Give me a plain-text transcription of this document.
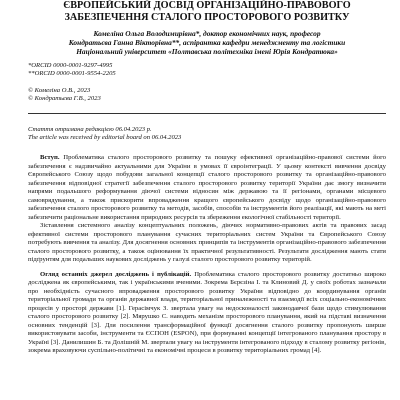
ЄВРОПЕЙСЬКИЙ ДОСВІД ОРГАНІЗАЦІЙНО-ПРАВОВОГО
ЗАБЕЗПЕЧЕННЯ СТАЛОГО ПРОСТОРОВОГО РОЗВИТКУ
Комеліна Ольга Володимирівна*, доктор економічних наук, професор
Кондратьєва Ганна Вікторівна**, аспірантка кафедри менеджменту та логістики
Національний університет «Полтавська політехніка імені Юрія Кондратюка»
*ORCID 0000-0001-9297-4995
**ORCID 0000-0001-9554-2205
© Комеліна О.В., 2023
© Кондратьєва Г.В., 2023
Стаття отримана редакцією 06.04.2023 р.
The article was received by editorial board on 06.04.2023

Вступ. Проблематика сталого просторового розвитку та пошуку ефективної організаційно-правової системи його забезпечення є надзвичайно актуальними для України в умовах її євроінтеграції. У цьому контексті вивчення досвіду Європейського Союзу щодо побудови загальної концепції сталого просторового розвитку та організаційно-правового забезпечення відповідної стратегії забезпечення сталого просторового розвитку території України дає змогу визначити напрями подальшого реформування діючої системи відносин між державою та її регіонами, органами місцевого самоврядування, а також прискорити впровадження кращого європейського досвіду щодо організаційно-правового забезпечення сталого просторового розвитку та методів, засобів, способів та інструментів його реалізації, які мають на меті забезпечити раціональне використання природних ресурсів та збереження екологічної стабільності території.

Зіставлення системного аналізу концептуальних положень, діючих нормативно-правових актів та правових засад ефективної системи просторового планування сучасних територіальних систем України та Європейського Союзу потребують вивчення та аналізу. Для досягнення основних принципів та інструментів організаційно-правового забезпечення сталого просторового розвитку, а також оцінювання їх практичної результативності. Результати дослідження мають стати підґрунтям для подальших наукових досліджень у галузі сталого просторового розвитку територій.

Огляд останніх джерел досліджень і публікацій. Проблематика сталого просторового розвитку достатньо широко досліджена як європейськими, так і українськими вченими. Зокрема Бєрєзіна І. та Клиновий Д. у своїх роботах зазначали про необхідність сучасного впровадження просторового розвитку України відповідно до координування органів територіальної громади та органів державної влади, територіальної приналежності та взаємодії всіх соціально-економічних процесів у просторі держави [1]. Герасімчук З. звертала увагу на недосконалості законодавчої бази щодо стимулювання сталого просторового розвитку [2]. Мярушко С. наводить механізм просторового планування, який на підставі визначення основних тенденцій [3]. Для посилення трансформаційної функції досягнення сталого розвитку пропонують ширше використовувати засоби, інструменти та ЄСПОН (ESPON), при формуванні концепції інтегрованого планування простору в Україні [3]. Данилишин Б. та Долішній М. звертали увагу на інструменти інтегрованого підходу в сталому розвитку регіонів, зокрема враховуючи суспільно-політичні та економічні процеси в розвитку територіальних громад [4].
